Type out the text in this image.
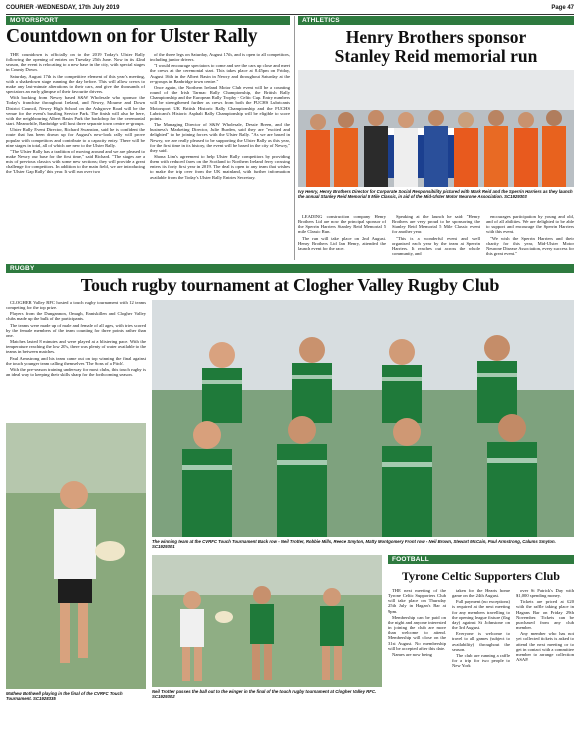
COURIER -WEDNESDAY, 17th July 2019	Page 47
MOTORSPORT
Countdown on for Ulster Rally

THE countdown is officially on to the 2019 Today's Ulster Rally following the opening of entries on Tuesday 25th June. Now in its 42nd season, the event is relocating to a new base in the city, with special stages in County Down.

Saturday, August 17th is the competitive element of this year's meeting, with a shakedown stage running the day before. This will allow crews to make any last-minute alterations to their cars, and give the thousands of spectators an early glimpse of their favourite drivers.

With backing from Newry based S&W Wholesale who sponsor the Today's franchise throughout Ireland, and Newry, Mourne and Down District Council, Newry High School on the Ashgrove Road will be the venue for the event's bustling Service Park. The finish will also be here, with the neighbouring Albert Basin Park the backdrop for the ceremonial start. Meanwhile, Banbridge will host three separate town centre re-groups.

Ulster Rally Event Director, Richard Swanston, said he is confident the route that has been drawn up for August's new-look rally will prove popular with competitors and contribute to a capacity entry. There will be nine stages in total, all of which are new to the Ulster Rally.

"The Ulster Rally has a tradition of moving around and we are pleased to make Newry our base for the first time," said Richard. "The stages are a mix of previous classics with some new sections; they will provide a great challenge for competitors. In addition to the main field, we are introducing the 'Ulster Gap Rally' this year. It will run over two

of the three legs on Saturday, August 17th, and is open to all competitors, including junior drivers.

"I would encourage spectators to come and see the cars up close and meet the crews at the ceremonial start. This takes place at 8.45pm on Friday, August 16th in the Albert Basin in Newry and throughout Saturday at the re-groups in Banbridge town centre."

Once again, the Northern Ireland Motor Club event will be a counting round of the Irish Tarmac Rally Championship, the British Rally Championship and the European Rally Trophy - Celtic Cup. Entry numbers will be strengthened further as crews from both the FUCHS Lubricants Motorsport UK British Historic Rally Championship and the FUCHS Lubricant's Historic Asphalt Rally Championship will be eligible to score points.

The Managing Director of S&W Wholesale, Dessie Breen, and the business's Marketing Director, Julie Burden, said they are "excited and delighted" to be joining forces with the Ulster Rally. "As we are based in Newry, we are really pleased to be supporting the Ulster Rally as this year, for the first time in its history, the event will be based in the city of Newry," they said.

Shona Lim's agreement to help Ulster Rally competitors by providing them with reduced fares on the Scotland to Northern Ireland ferry crossing enters its forty first year in 2019. The deal is open to any team that wishes to make the trip over from the UK mainland, with further information available from the Today's Ulster Rally Entries Secretary.

ATHLETICS
Henry Brothers sponsor
Stanley Reid memorial run
Ivy Henry, Henry Brothers Director for Corporate Social Responsibility pictured with Mark Reid and the Sperrin Harriers as they launch the annual Stanley Reid Memorial 5 Mile Classic, in aid of the Mid-Ulster Motor Neurone Association. SC1929303

LEADING construction company Henry Brothers Ltd are now the principal sponsor of the Sperrin Harriers Stanley Reid Memorial 5 mile Classic Run.

The run will take place on 2nd August. Henry Brothers Ltd Ian Henry, attended the launch event for the race.

Speaking at the launch he said: "Henry Brothers are very proud to be sponsoring the Stanley Reid Memorial 5 Mile Classic event for another year.

"This is a wonderful event and well organised each year by the team at Sperrin Harriers. It reaches out across the whole community, and

encourages participation by young and old, and of all abilities. We are delighted to be able to support and encourage the Sperrin Harriers with this event.

"We wish the Sperrin Harriers and their charity for this year, Mid-Ulster Motor Neurone Disease Association, every success for this great event."

RUGBY
Touch rugby tournament at Clogher Valley Rugby Club

CLOGHER Valley RFC hosted a touch rugby tournament with 12 teams competing for the top prize.

Players from the Dungannon, Omagh, Enniskillen and Clogher Valley clubs made up the bulk of the participants.

The teams were made up of male and female of all ages, with tries scored by the female members of the team counting for three points rather than one.

Matches lasted 8 minutes and were played at a blistering pace. With the temperature reaching the low 20's, there was plenty of water available to the teams in between matches.

Paul Armstrong and his team came out on top winning the final against the touch younger team calling themselves 'The Sons of a Pitch'.

With the pre-season training underway for most clubs, this touch rugby is an ideal way to keeping their skills sharp for the forthcoming season.

The winning team at the CVRFC Touch Tournament Back row - Neil Trotter, Robbie Mills, Reece Smyton, Matty Montgomery Front row - Neil Brown, Stewart McCain, Paul Armstrong, Calums Smyton. SC1929301
Mathew Bothwell playing in the final of the CVRFC Touch Tournament. SC1928335
Neil Trotter passes the ball out to the winger in the final of the touch rugby tournament at Clogher Valley RFC. SC1929302
FOOTBALL
Tyrone Celtic Supporters Club

THE next meeting of the Tyrone Celtic Supporters Club will take place on Thursday 25th July in Hagan's Bar at 9pm.

Membership can be paid on the night and anyone interested in joining the club are more than welcome to attend. Membership will close on the 31st August. No membership will be accepted after this date.

Names are now being

taken for the Hearts home game on the 24th August.

Full payment (no exceptions) is required at the next meeting for any members travelling to the opening league fixture (flag day) against St Johnstone on the 3rd August.

Everyone is welcome to travel to all games (subject to availability) throughout the season.

The club are running a raffle for a trip for two people to New York

over St Patrick's Day with $1,000 spending money.

Tickets are priced at £20 with the raffle taking place in Hagans Bar on Friday 29th November. Tickets can be purchased from any club member.

Any member who has not yet collected tickets is asked to attend the next meeting or to get in contact with a committee member to arrange collection ASAP.
